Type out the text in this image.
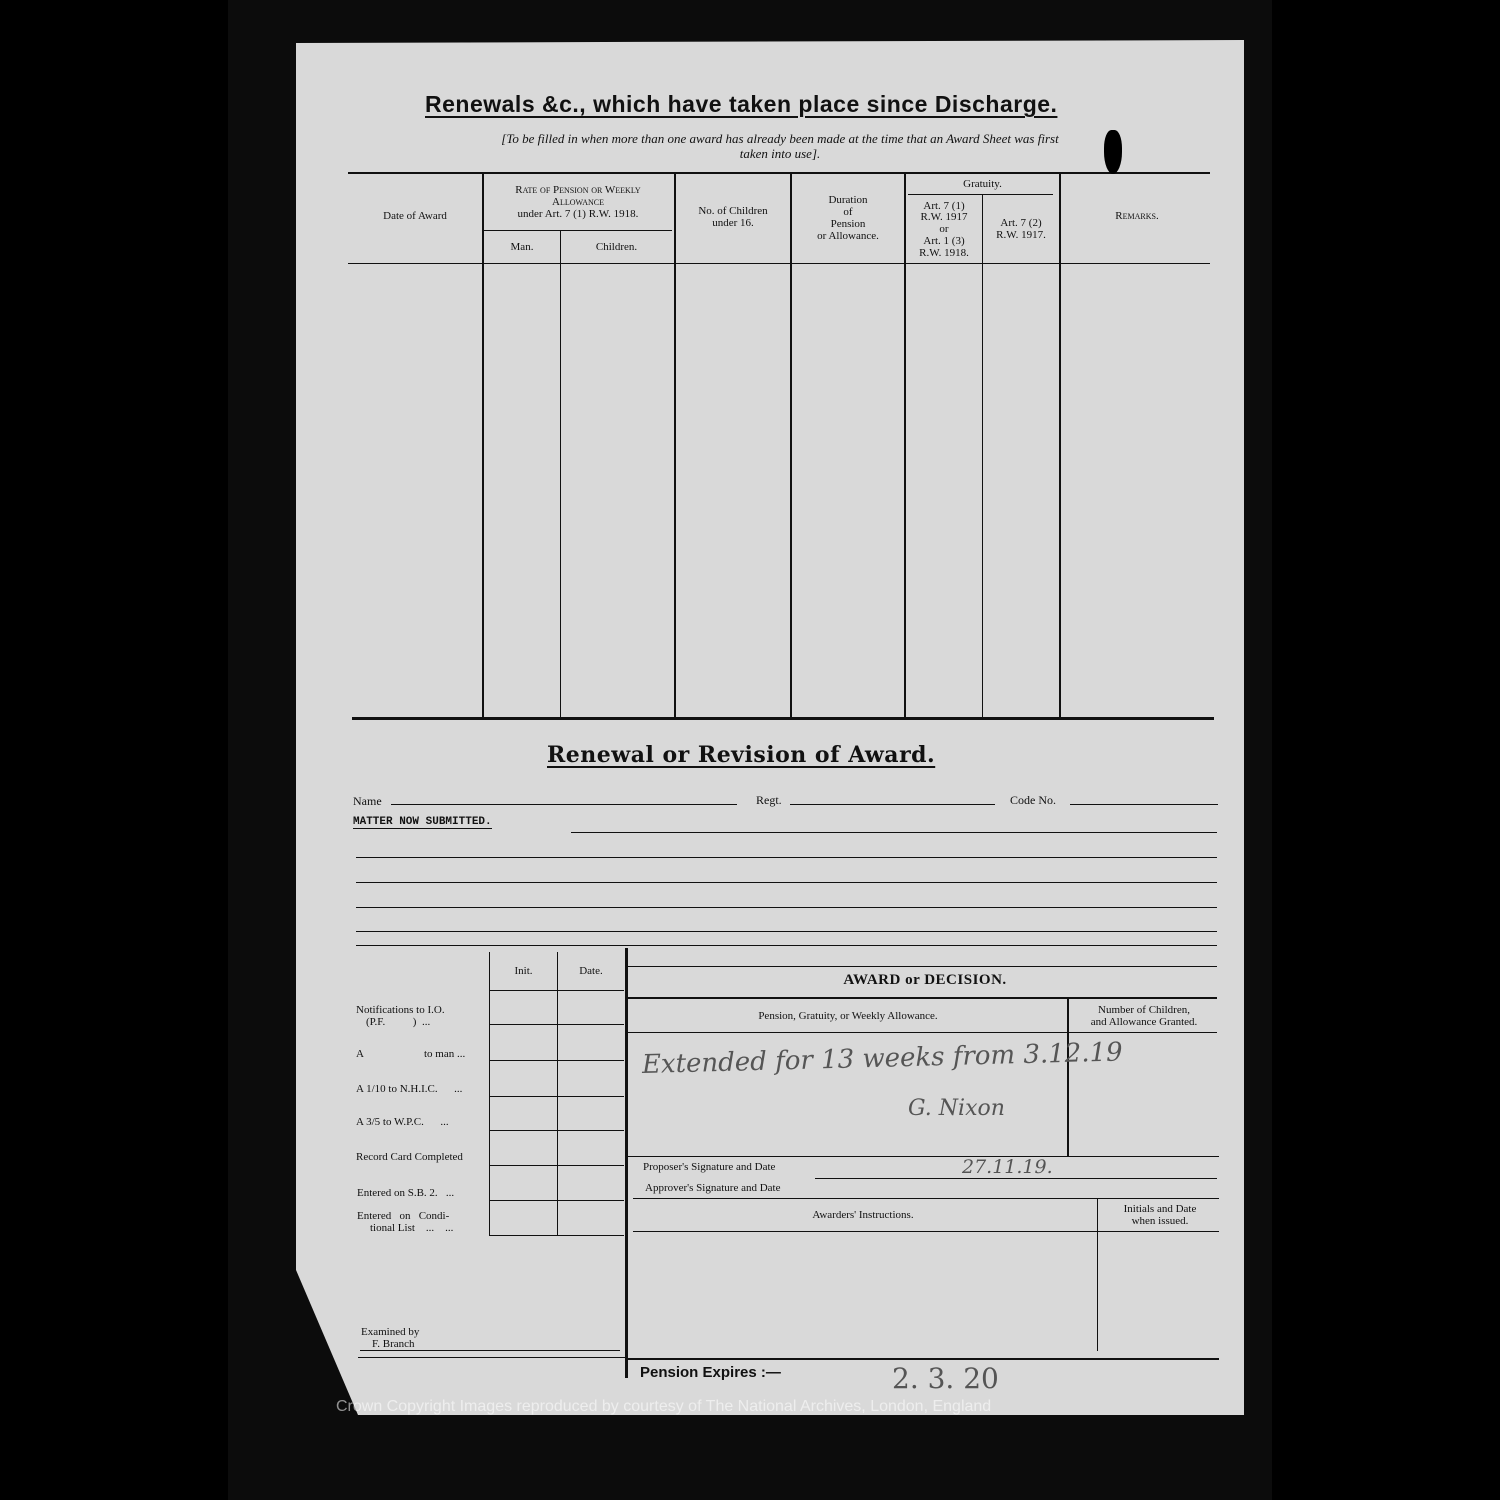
Renewals &c., which have taken place since Discharge.
[To be filled in when more than one award has already been made at the time that an Award Sheet was first
taken into use].
Date of Award
Rate of Pension or Weekly
Allowance
under Art. 7 (1) R.W. 1918.
Man.	Children.
No. of Children
under 16.
Duration
of
Pension
or Allowance.
Gratuity.
Art. 7 (1)
R.W. 1917
or
Art. 1 (3)
R.W. 1918.
Art. 7 (2)
R.W. 1917.
Remarks.
Renewal or Revision of Award.
Name	Regt.	Code No.
MATTER NOW SUBMITTED.
Init.	Date.
Notifications to I.O.
(P.F.          )  ...
A	to man ...
A 1/10 to N.H.I.C.      ...
A 3/5 to W.P.C.      ...
Record Card Completed
Entered on S.B. 2.   ...
Entered   on   Condi-
tional List    ...    ...
Examined by
F. Branch
AWARD or DECISION.
Pension, Gratuity, or Weekly Allowance.	Number of Children,
and Allowance Granted.
Extended for 13 weeks from 3.12.19
G. Nixon
Proposer's Signature and Date	27.11.19.
Approver's Signature and Date
Awarders' Instructions.	Initials and Date
when issued.
Pension Expires :—	2. 3. 20
Crown Copyright Images reproduced by courtesy of The National Archives, London, England
